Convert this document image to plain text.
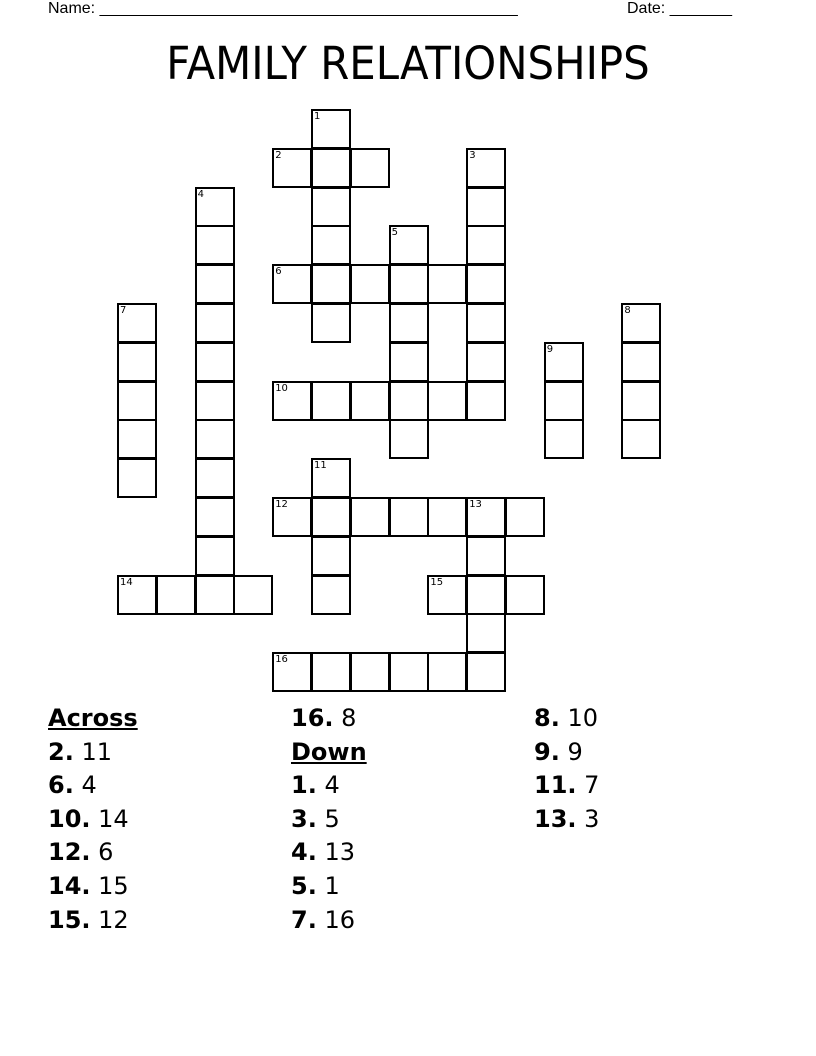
Name: _______________________________________________	Date: _______
FAMILY RELATIONSHIPS
1
2	3
4
5
6
7	8
9
10
11
12	13
14	15
16
Across
2. 11
6. 4
10. 14
12. 6
14. 15
15. 12
16. 8
Down
1. 4
3. 5
4. 13
5. 1
7. 16
8. 10
9. 9
11. 7
13. 3
